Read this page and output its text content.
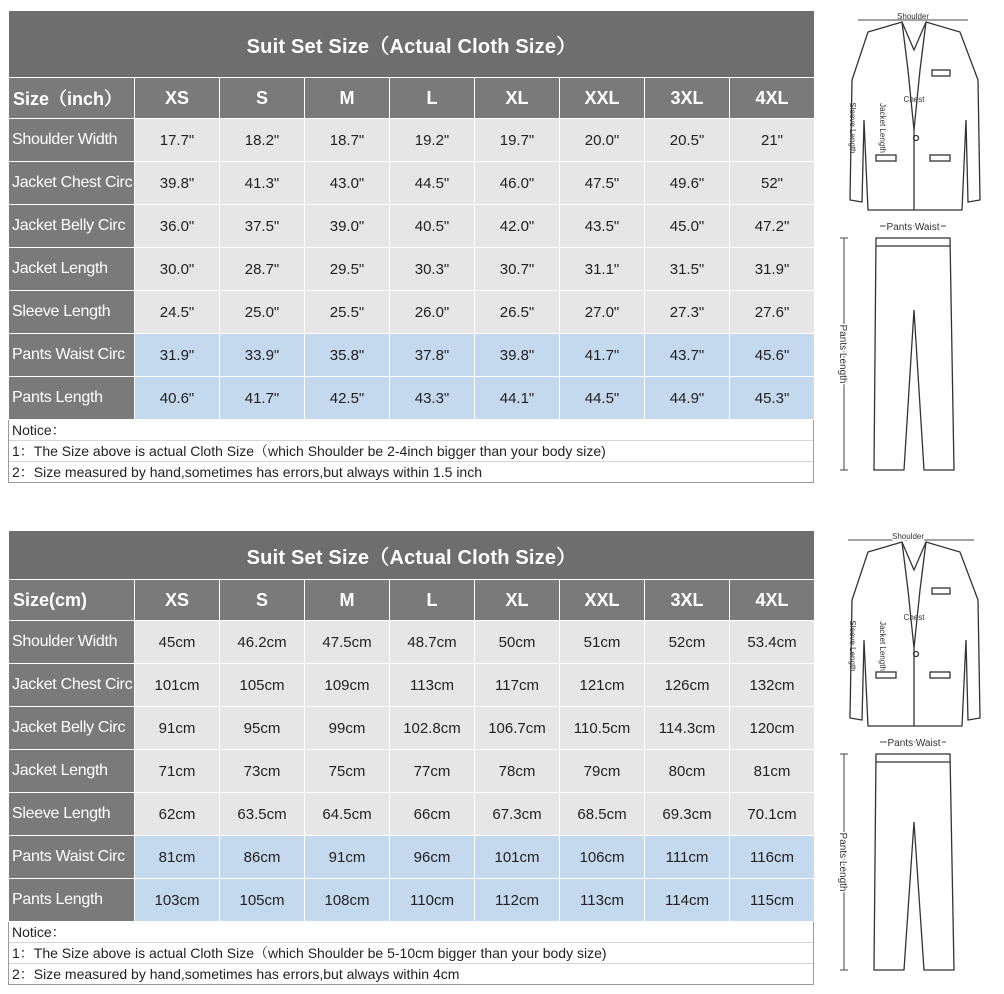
Suit Set Size（Actual Cloth Size）								
Size（inch）	XS	S	M	L	XL	XXL	3XL	4XL
Shoulder Width	17.7"	18.2"	18.7"	19.2"	19.7"	20.0"	20.5"	21"
Jacket Chest Circ	39.8"	41.3"	43.0"	44.5"	46.0"	47.5"	49.6"	52"
Jacket Belly Circ	36.0"	37.5"	39.0"	40.5"	42.0"	43.5"	45.0"	47.2"
Jacket Length	30.0"	28.7"	29.5"	30.3"	30.7"	31.1"	31.5"	31.9"
Sleeve Length	24.5"	25.0"	25.5"	26.0"	26.5"	27.0"	27.3"	27.6"
Pants Waist Circ	31.9"	33.9"	35.8"	37.8"	39.8"	41.7"	43.7"	45.6"
Pants Length	40.6"	41.7"	42.5"	43.3"	44.1"	44.5"	44.9"	45.3"
Notice：
1：The Size above is actual Cloth Size（which Shoulder be 2-4inch bigger than your body size)
2：Size measured by hand,sometimes has errors,but always within 1.5 inch
Shoulder
Chest
Pants Waist
Pants Length
Sleeve Length	Jacket Length
Suit Set Size（Actual Cloth Size）								
Size(cm)	XS	S	M	L	XL	XXL	3XL	4XL
Shoulder Width	45cm	46.2cm	47.5cm	48.7cm	50cm	51cm	52cm	53.4cm
Jacket Chest Circ	101cm	105cm	109cm	113cm	117cm	121cm	126cm	132cm
Jacket Belly Circ	91cm	95cm	99cm	102.8cm	106.7cm	110.5cm	114.3cm	120cm
Jacket Length	71cm	73cm	75cm	77cm	78cm	79cm	80cm	81cm
Sleeve Length	62cm	63.5cm	64.5cm	66cm	67.3cm	68.5cm	69.3cm	70.1cm
Pants Waist Circ	81cm	86cm	91cm	96cm	101cm	106cm	111cm	116cm
Pants Length	103cm	105cm	108cm	110cm	112cm	113cm	114cm	115cm
Notice：
1：The Size above is actual Cloth Size（which Shoulder be 5-10cm bigger than your body size)
2：Size measured by hand,sometimes has errors,but always within 4cm
Shoulder
Chest
Pants Waist
Pants Length
Sleeve Length	Jacket Length
